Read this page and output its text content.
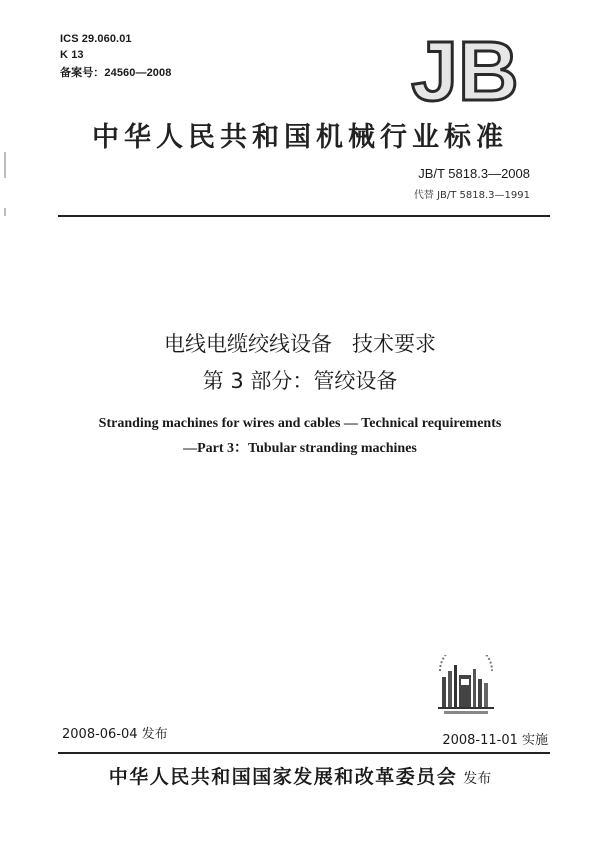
ICS 29.060.01
K 13
备案号：24560—2008	JB
中华人民共和国机械行业标准
JB/T 5818.3—2008
代替 JB/T 5818.3—1991
电线电缆绞线设备   技术要求
第 3 部分：管绞设备
Stranding machines for wires and cables — Technical requirements
—Part 3：Tubular stranding machines
2008-06-04 发布	2008-11-01 实施
中华人民共和国国家发展和改革委员会 发布
